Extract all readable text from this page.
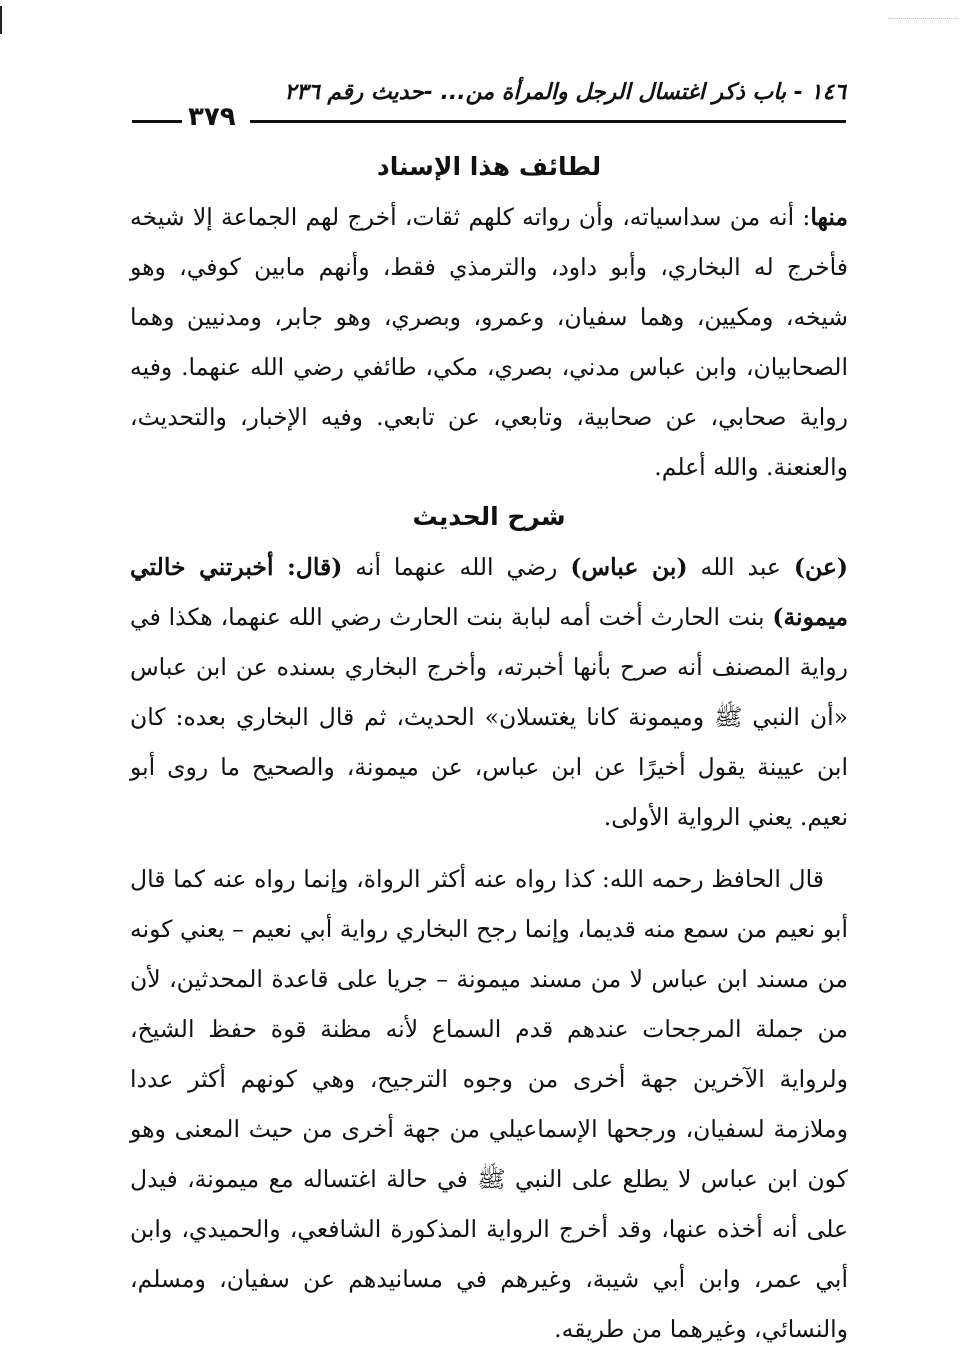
١٤٦ - باب ذكر اغتسال الرجل والمرأة من... -حديث رقم ٢٣٦
٣٧٩
لطائف هذا الإسناد

منها: أنه من سداسياته، وأن رواته كلهم ثقات، أخرج لهم الجماعة إلا شيخه فأخرج له البخاري، وأبو داود، والترمذي فقط، وأنهم مابين كوفي، وهو شيخه، ومكيين، وهما سفيان، وعمرو، وبصري، وهو جابر، ومدنيين وهما الصحابيان، وابن عباس مدني، بصري، مكي، طائفي رضي الله عنهما. وفيه رواية صحابي، عن صحابية، وتابعي، عن تابعي. وفيه الإخبار، والتحديث، والعنعنة. والله أعلم.

شرح الحديث

(عن) عبد الله (بن عباس) رضي الله عنهما أنه (قال: أخبرتني خالتي ميمونة) بنت الحارث أخت أمه لبابة بنت الحارث رضي الله عنهما، هكذا في رواية المصنف أنه صرح بأنها أخبرته، وأخرج البخاري بسنده عن ابن عباس «أن النبي ﷺ وميمونة كانا يغتسلان» الحديث، ثم قال البخاري بعده: كان ابن عيينة يقول أخيرًا عن ابن عباس، عن ميمونة، والصحيح ما روى أبو نعيم. يعني الرواية الأولى.

قال الحافظ رحمه الله: كذا رواه عنه أكثر الرواة، وإنما رواه عنه كما قال أبو نعيم من سمع منه قديما، وإنما رجح البخاري رواية أبي نعيم – يعني كونه من مسند ابن عباس لا من مسند ميمونة – جريا على قاعدة المحدثين، لأن من جملة المرجحات عندهم قدم السماع لأنه مظنة قوة حفظ الشيخ، ولرواية الآخرين جهة أخرى من وجوه الترجيح، وهي كونهم أكثر عددا وملازمة لسفيان، ورجحها الإسماعيلي من جهة أخرى من حيث المعنى وهو كون ابن عباس لا يطلع على النبي ﷺ في حالة اغتساله مع ميمونة، فيدل على أنه أخذه عنها، وقد أخرج الرواية المذكورة الشافعي، والحميدي، وابن أبي عمر، وابن أبي شيبة، وغيرهم في مسانيدهم عن سفيان، ومسلم، والنسائي، وغيرهما من طريقه.
